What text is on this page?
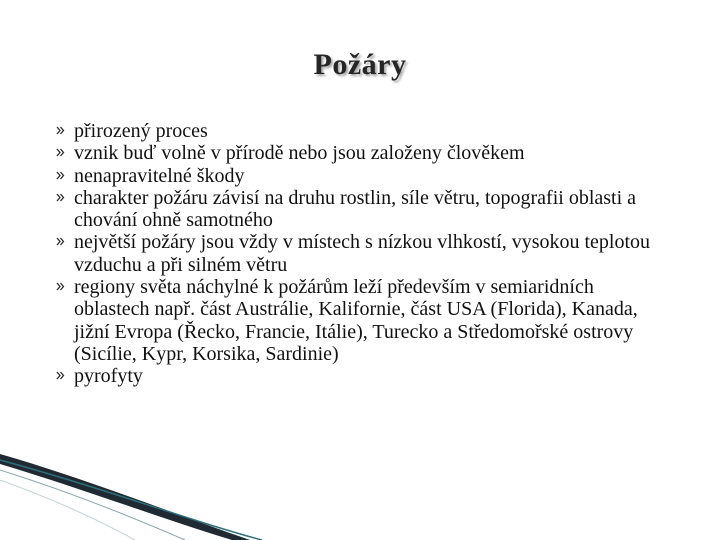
Požáry
přirozený proces
vznik buď volně v přírodě nebo jsou založeny člověkem
nenapravitelné škody
charakter požáru závisí na druhu rostlin, síle větru, topografii oblasti a chování ohně samotného
největší požáry jsou vždy v místech s nízkou vlhkostí, vysokou teplotou vzduchu a při silném větru
regiony světa náchylné k požárům leží především v semiaridních oblastech např. část Austrálie, Kalifornie, část USA (Florida), Kanada, jižní Evropa (Řecko, Francie, Itálie), Turecko a Středomořské ostrovy (Sicílie, Kypr, Korsika, Sardinie)
pyrofyty
